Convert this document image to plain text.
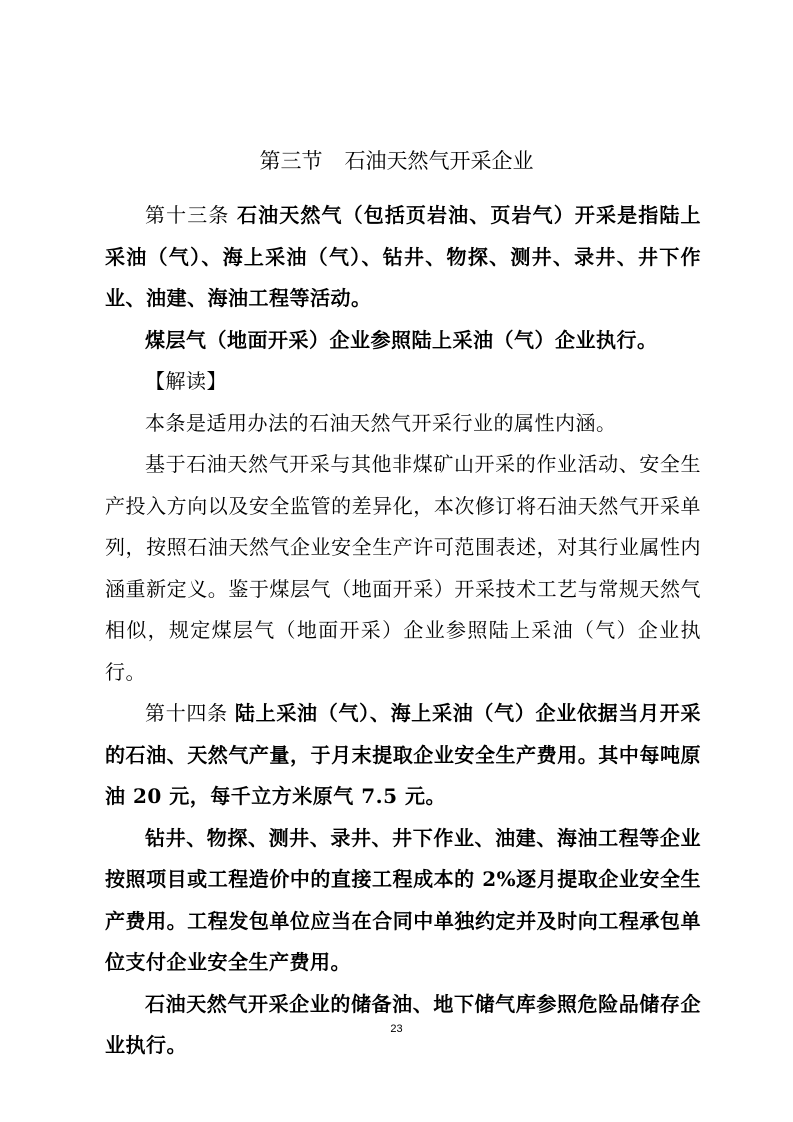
第三节 石油天然气开采企业

第十三条 石油天然气（包括页岩油、页岩气）开采是指陆上采油（气）、海上采油（气）、钻井、物探、测井、录井、井下作业、油建、海油工程等活动。

煤层气（地面开采）企业参照陆上采油（气）企业执行。

【解读】

本条是适用办法的石油天然气开采行业的属性内涵。

基于石油天然气开采与其他非煤矿山开采的作业活动、安全生产投入方向以及安全监管的差异化，本次修订将石油天然气开采单列，按照石油天然气企业安全生产许可范围表述，对其行业属性内涵重新定义。鉴于煤层气（地面开采）开采技术工艺与常规天然气相似，规定煤层气（地面开采）企业参照陆上采油（气）企业执行。

第十四条 陆上采油（气）、海上采油（气）企业依据当月开采的石油、天然气产量，于月末提取企业安全生产费用。其中每吨原油 20 元，每千立方米原气 7.5 元。

钻井、物探、测井、录井、井下作业、油建、海油工程等企业按照项目或工程造价中的直接工程成本的 2%逐月提取企业安全生产费用。工程发包单位应当在合同中单独约定并及时向工程承包单位支付企业安全生产费用。

石油天然气开采企业的储备油、地下储气库参照危险品储存企业执行。

23
